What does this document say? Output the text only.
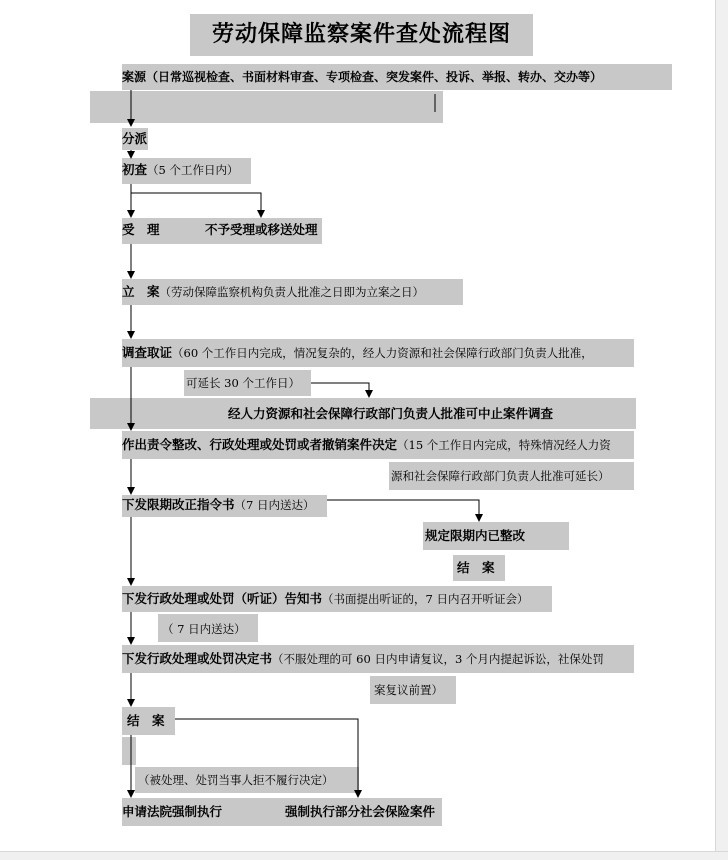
劳动保障监察案件查处流程图
案源（日常巡视检查、书面材料审查、专项检查、突发案件、投诉、举报、转办、交办等）
分派
初查（5 个工作日内）
受　理	不予受理或移送处理
立　案（劳动保障监察机构负责人批准之日即为立案之日）
调查取证（60 个工作日内完成，情况复杂的，经人力资源和社会保障行政部门负责人批准，
可延长 30 个工作日）
经人力资源和社会保障行政部门负责人批准可中止案件调查
作出责令整改、行政处理或处罚或者撤销案件决定（15 个工作日内完成，特殊情况经人力资
源和社会保障行政部门负责人批准可延长）
下发限期改正指令书（7 日内送达）
规定限期内已整改
结　案
下发行政处理或处罚（听证）告知书（书面提出听证的，7 日内召开听证会）
（ 7 日内送达）
下发行政处理或处罚决定书（不服处理的可 60 日内申请复议，3 个月内提起诉讼，社保处罚
案复议前置）
结　案
（被处理、处罚当事人拒不履行决定）
申请法院强制执行	强制执行部分社会保险案件
